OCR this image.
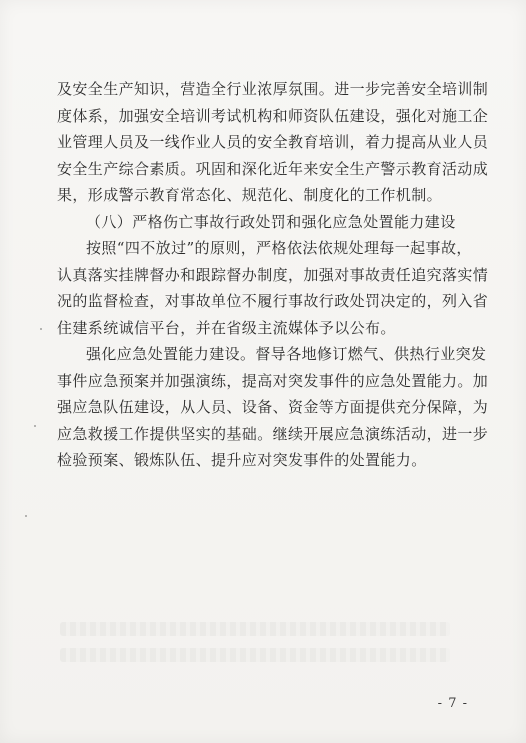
及安全生产知识，营造全行业浓厚氛围。进一步完善安全培训制
度体系，加强安全培训考试机构和师资队伍建设，强化对施工企
业管理人员及一线作业人员的安全教育培训，着力提高从业人员
安全生产综合素质。巩固和深化近年来安全生产警示教育活动成
果，形成警示教育常态化、规范化、制度化的工作机制。
（八）严格伤亡事故行政处罚和强化应急处置能力建设
按照“四不放过”的原则，严格依法依规处理每一起事故，
认真落实挂牌督办和跟踪督办制度，加强对事故责任追究落实情
况的监督检查，对事故单位不履行事故行政处罚决定的，列入省
住建系统诚信平台，并在省级主流媒体予以公布。
强化应急处置能力建设。督导各地修订燃气、供热行业突发
事件应急预案并加强演练，提高对突发事件的应急处置能力。加
强应急队伍建设，从人员、设备、资金等方面提供充分保障，为
应急救援工作提供坚实的基础。继续开展应急演练活动，进一步
检验预案、锻炼队伍、提升应对突发事件的处置能力。
- 7 -
